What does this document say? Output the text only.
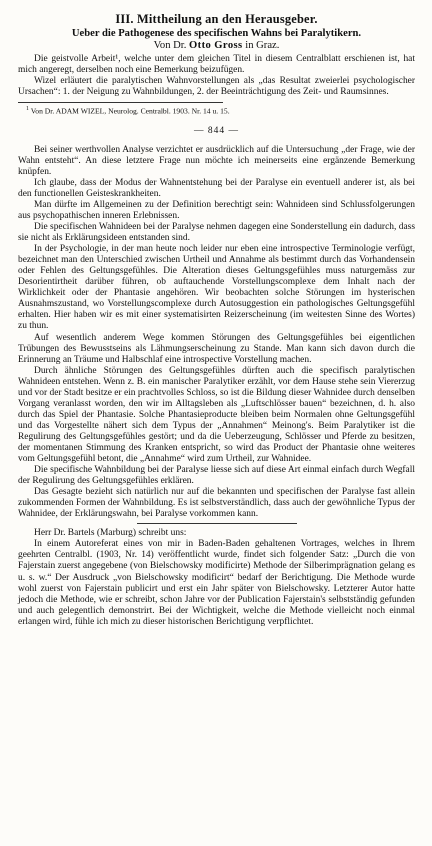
III. Mittheilung an den Herausgeber.
Ueber die Pathogenese des specifischen Wahns bei Paralytikern.
Von Dr. Otto Gross in Graz.

Die geistvolle Arbeit¹, welche unter dem gleichen Titel in diesem Centralblatt erschienen ist, hat mich angeregt, derselben noch eine Bemerkung beizufügen.

Wizel erläutert die paralytischen Wahnvorstellungen als „das Resultat zweierlei psychologischer Ursachen“: 1. der Neigung zu Wahnbildungen, 2. der Beeinträchtigung des Zeit- und Raumsinnes.

$^1$ Von Dr. ADAM WIZEL, Neurolog. Centralbl. 1903. Nr. 14 u. 15.

— 844 —

Bei seiner werthvollen Analyse verzichtet er ausdrücklich auf die Untersuchung „der Frage, wie der Wahn entsteht“. An diese letztere Frage nun möchte ich meinerseits eine ergänzende Bemerkung knüpfen.

Ich glaube, dass der Modus der Wahnentstehung bei der Paralyse ein eventuell anderer ist, als bei den functionellen Geisteskrankheiten.

Man dürfte im Allgemeinen zu der Definition berechtigt sein: Wahnideen sind Schlussfolgerungen aus psychopathischen inneren Erlebnissen.

Die specifischen Wahnideen bei der Paralyse nehmen dagegen eine Sonderstellung ein dadurch, dass sie nicht als Erklärungsideen entstanden sind.

In der Psychologie, in der man heute noch leider nur eben eine introspective Terminologie verfügt, bezeichnet man den Unterschied zwischen Urtheil und Annahme als bestimmt durch das Vorhandensein oder Fehlen des Geltungsgefühles. Die Alteration dieses Geltungsgefühles muss naturgemäss zur Desorientirtheit darüber führen, ob auftauchende Vorstellungscomplexe dem Inhalt nach der Wirklichkeit oder der Phantasie angehören. Wir beobachten solche Störungen im hysterischen Ausnahmszustand, wo Vorstellungscomplexe durch Autosuggestion ein pathologisches Geltungsgefühl erhalten. Hier haben wir es mit einer systematisirten Reizerscheinung (im weitesten Sinne des Wortes) zu thun.

Auf wesentlich anderem Wege kommen Störungen des Geltungsgefühles bei eigentlichen Trübungen des Bewusstseins als Lähmungserscheinung zu Stande. Man kann sich davon durch die Erinnerung an Träume und Halbschlaf eine introspective Vorstellung machen.

Durch ähnliche Störungen des Geltungsgefühles dürften auch die specifisch paralytischen Wahnideen entstehen. Wenn z. B. ein manischer Paralytiker erzählt, vor dem Hause stehe sein Viererzug und vor der Stadt besitze er ein prachtvolles Schloss, so ist die Bildung dieser Wahnidee durch denselben Vorgang veranlasst worden, den wir im Alltagsleben als „Luftschlösser bauen“ bezeichnen, d. h. also durch das Spiel der Phantasie. Solche Phantasieproducte bleiben beim Normalen ohne Geltungsgefühl und das Vorgestellte nähert sich dem Typus der „Annahmen“ Meinong's. Beim Paralytiker ist die Regulirung des Geltungsgefühles gestört; und da die Ueberzeugung, Schlösser und Pferde zu besitzen, der momentanen Stimmung des Kranken entspricht, so wird das Product der Phantasie ohne weiteres vom Geltungsgefühl betont, die „Annahme“ wird zum Urtheil, zur Wahnidee.

Die specifische Wahnbildung bei der Paralyse liesse sich auf diese Art einmal einfach durch Wegfall der Regulirung des Geltungsgefühles erklären.

Das Gesagte bezieht sich natürlich nur auf die bekannten und specifischen der Paralyse fast allein zukommenden Formen der Wahnbildung. Es ist selbstverständlich, dass auch der gewöhnliche Typus der Wahnidee, der Erklärungswahn, bei Paralyse vorkommen kann.

Herr Dr. Bartels (Marburg) schreibt uns:

In einem Autoreferat eines von mir in Baden-Baden gehaltenen Vortrages, welches in Ihrem geehrten Centralbl. (1903, Nr. 14) veröffentlicht wurde, findet sich folgender Satz: „Durch die von Fajerstain zuerst angegebene (von Bielschowsky modificirte) Methode der Silberimprägnation gelang es u. s. w.“ Der Ausdruck „von Bielschowsky modificirt“ bedarf der Berichtigung. Die Methode wurde wohl zuerst von Fajerstain publicirt und erst ein Jahr später von Bielschowsky. Letzterer Autor hatte jedoch die Methode, wie er schreibt, schon Jahre vor der Publication Fajerstain's selbstständig gefunden und auch gelegentlich demonstrirt. Bei der Wichtigkeit, welche die Methode vielleicht noch einmal erlangen wird, fühle ich mich zu dieser historischen Berichtigung verpflichtet.
